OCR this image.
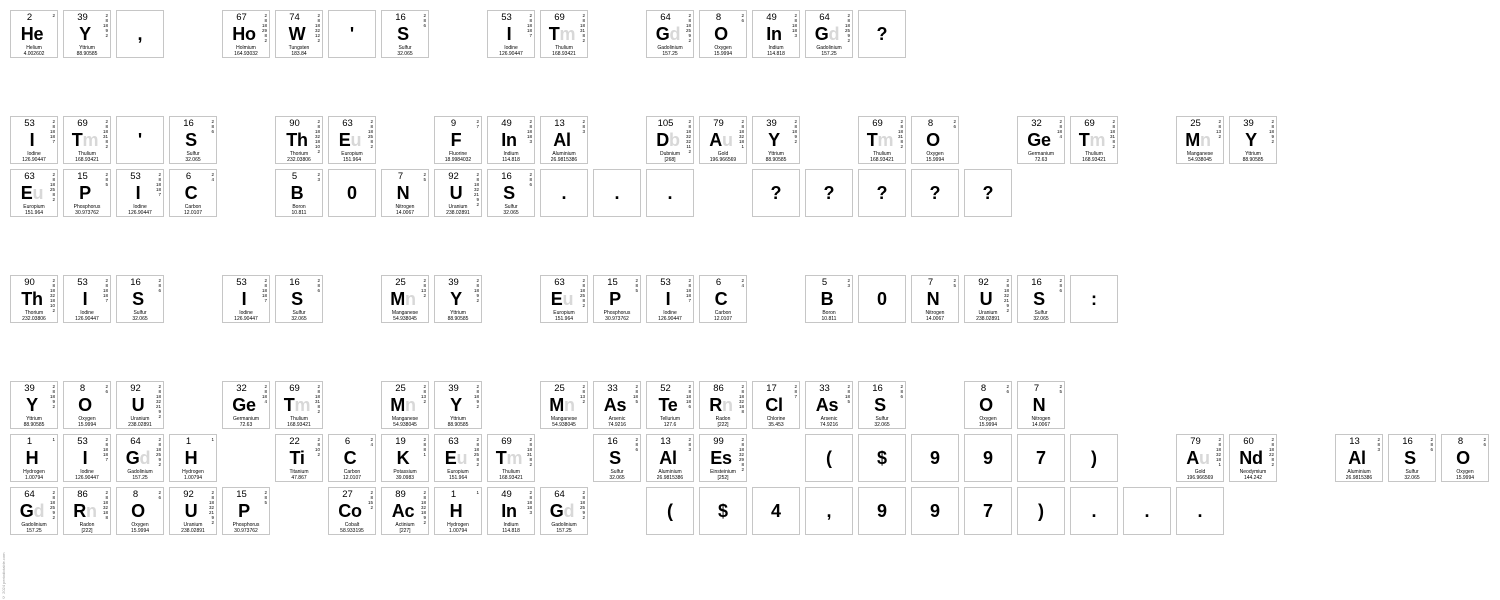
2	2
He
Helium
4.002602
39	2
8
18
9
2
Y
Yttrium
88.90585
,
67	2
8
18
29
8
2
Ho
Holmium
164.93032
74	2
8
18
32
12
2
W
Tungsten
183.84
'
16	2
8
6
S
Sulfur
32.065
53	2
8
18
18
7
I
Iodine
126.90447
69	2
8
18
31
8
2
Tm
Thulium
168.93421
64	2
8
18
25
9
2
Gd
Gadolinium
157.25
8	2
6
O
Oxygen
15.9994
49	2
8
18
18
3
In
Indium
114.818
64	2
8
18
25
9
2
Gd
Gadolinium
157.25
?
53	2
8
18
18
7
I
Iodine
126.90447
69	2
8
18
31
8
2
Tm
Thulium
168.93421
'
16	2
8
6
S
Sulfur
32.065
90	2
8
18
32
18
10
2
Th
Thorium
232.03806
63	2
8
18
25
8
2
Eu
Europium
151.964
9	2
7
F
Fluorine
18.9984032
49	2
8
18
18
3
In
Indium
114.818
13	2
8
3
Al
Aluminium
26.9815386
105	2
8
18
32
32
11
2
Db
Dubnium
[268]
79	2
8
18
32
18
1
Au
Gold
196.966569
39	2
8
18
9
2
Y
Yttrium
88.90585
69	2
8
18
31
8
2
Tm
Thulium
168.93421
8	2
6
O
Oxygen
15.9994
32	2
8
18
4
Ge
Germanium
72.63
69	2
8
18
31
8
2
Tm
Thulium
168.93421
25	2
8
13
2
Mn
Manganese
54.938045
39	2
8
18
9
2
Y
Yttrium
88.90585
63	2
8
18
25
8
2
Eu
Europium
151.964
15	2
8
5
P
Phosphorus
30.973762
53	2
8
18
18
7
I
Iodine
126.90447
6	2
4
C
Carbon
12.0107
5	2
3
B
Boron
10.811
0
7	2
5
N
Nitrogen
14.0067
92	2
8
18
32
21
9
2
U
Uranium
238.02891
16	2
8
6
S
Sulfur
32.065
.	.	.	?	?	?	?	?
90	2
8
18
32
18
10
2
Th
Thorium
232.03806
53	2
8
18
18
7
I
Iodine
126.90447
16	2
8
6
S
Sulfur
32.065
53	2
8
18
18
7
I
Iodine
126.90447
16	2
8
6
S
Sulfur
32.065
25	2
8
13
2
Mn
Manganese
54.938045
39	2
8
18
9
2
Y
Yttrium
88.90585
63	2
8
18
25
8
2
Eu
Europium
151.964
15	2
8
5
P
Phosphorus
30.973762
53	2
8
18
18
7
I
Iodine
126.90447
6	2
4
C
Carbon
12.0107
5	2
3
B
Boron
10.811
0
7	2
5
N
Nitrogen
14.0067
92	2
8
18
32
21
9
2
U
Uranium
238.02891
16	2
8
6
S
Sulfur
32.065
:
39	2
8
18
9
2
Y
Yttrium
88.90585
8	2
6
O
Oxygen
15.9994
92	2
8
18
32
21
9
2
U
Uranium
238.02891
32	2
8
18
4
Ge
Germanium
72.63
69	2
8
18
31
8
2
Tm
Thulium
168.93421
25	2
8
13
2
Mn
Manganese
54.938045
39	2
8
18
9
2
Y
Yttrium
88.90585
25	2
8
13
2
Mn
Manganese
54.938045
33	2
8
18
5
As
Arsenic
74.9216
52	2
8
18
18
6
Te
Tellurium
127.6
86	2
8
18
32
18
8
Rn
Radon
[222]
17	2
8
7
Cl
Chlorine
35.453
33	2
8
18
5
As
Arsenic
74.9216
16	2
8
6
S
Sulfur
32.065
8	2
6
O
Oxygen
15.9994
7	2
5
N
Nitrogen
14.0067
1	1
H
Hydrogen
1.00794
53	2
8
18
18
7
I
Iodine
126.90447
64	2
8
18
25
9
2
Gd
Gadolinium
157.25
1	1
H
Hydrogen
1.00794
22	2
8
10
2
Ti
Titanium
47.867
6	2
4
C
Carbon
12.0107
19	2
8
8
1
K
Potassium
39.0983
63	2
8
18
25
8
2
Eu
Europium
151.964
69	2
8
18
31
8
2
Tm
Thulium
168.93421
16	2
8
6
S
Sulfur
32.065
13	2
8
3
Al
Aluminium
26.9815386
99	2
8
18
32
29
8
2
Es
Einsteinium
[252]
(	$	9	9	7	)
79	2
8
18
32
18
1
Au
Gold
196.966569
60	2
8
18
22
8
2
Nd
Neodymium
144.242
13	2
8
3
Al
Aluminium
26.9815386
16	2
8
6
S
Sulfur
32.065
8	2
6
O
Oxygen
15.9994
64	2
8
18
25
9
2
Gd
Gadolinium
157.25
86	2
8
18
32
18
8
Rn
Radon
[222]
8	2
6
O
Oxygen
15.9994
92	2
8
18
32
21
9
2
U
Uranium
238.02891
15	2
8
5
P
Phosphorus
30.973762
27	2
8
15
2
Co
Cobalt
58.933195
89	2
8
18
32
18
9
2
Ac
Actinium
[227]
1	1
H
Hydrogen
1.00794
49	2
8
18
18
3
In
Indium
114.818
64	2
8
18
25
9
2
Gd
Gadolinium
157.25
(	$	4	,	9	9	7	)	.	.	.
© 2024 periodictable.com
